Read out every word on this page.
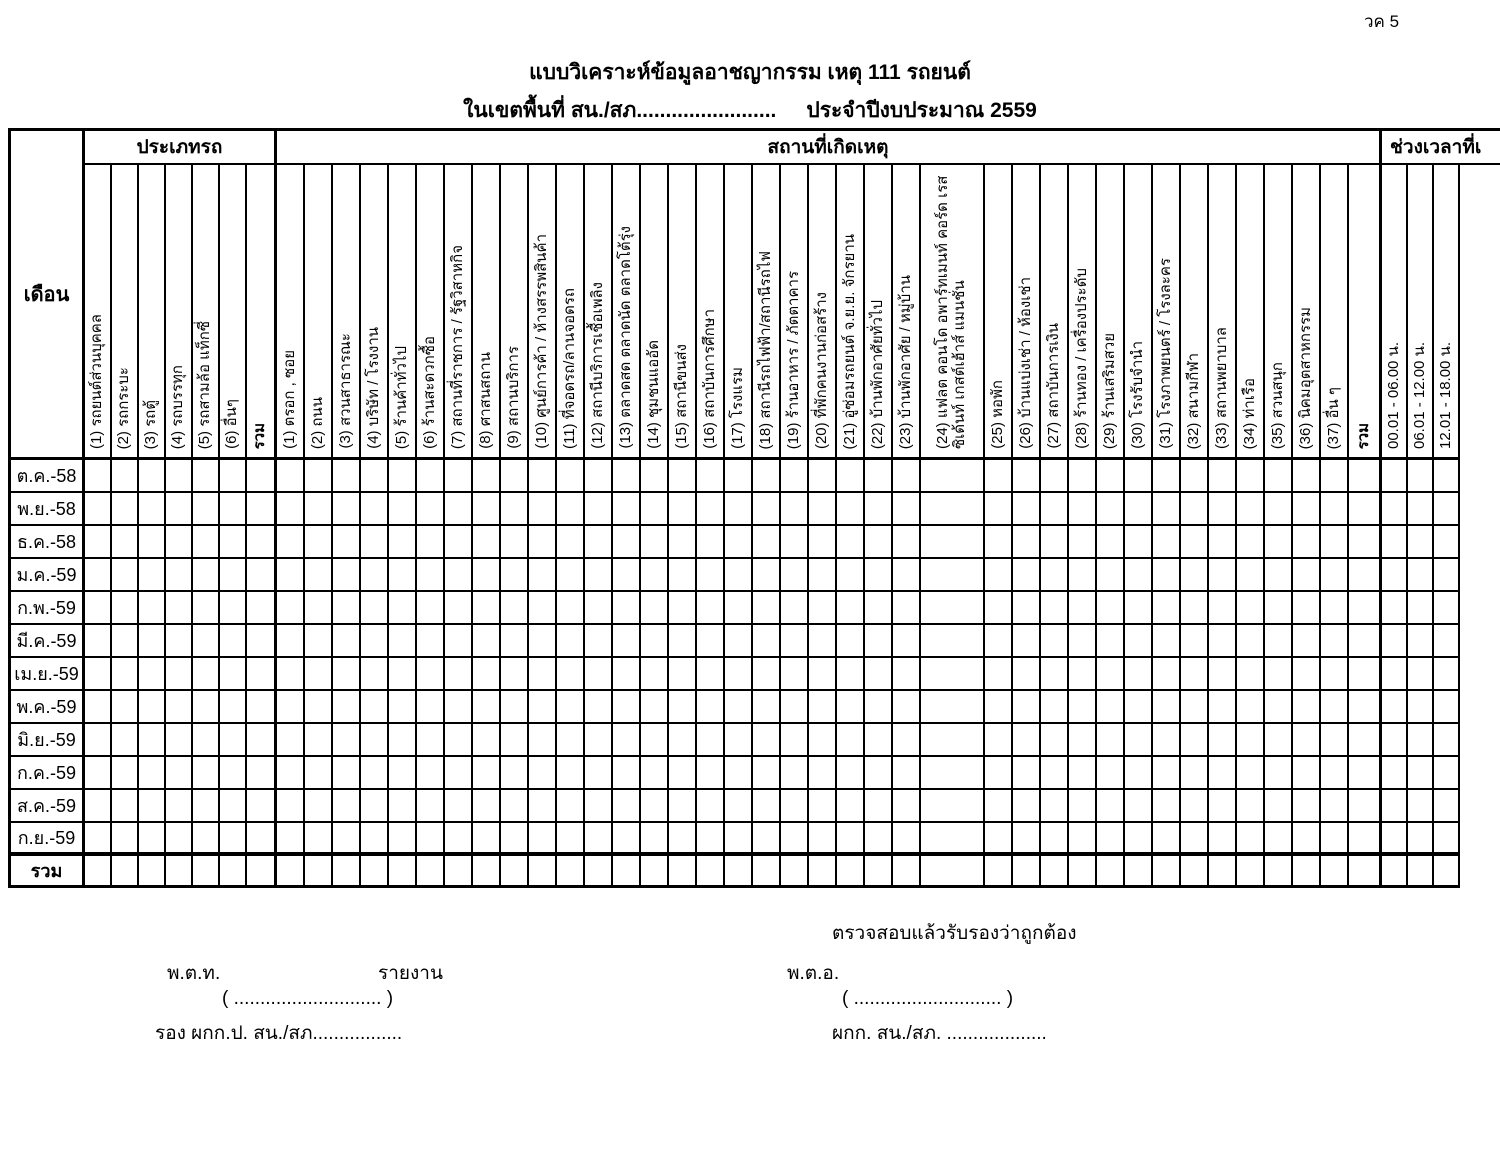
วค 5
แบบวิเคราะห์ข้อมูลอาชญากรรม เหตุ 111 รถยนต์
ในเขตพื้นที่ สน./สภ........................ ประจำปีงบประมาณ 2559
เดือน
ต.ค.-58
พ.ย.-58
ธ.ค.-58
ม.ค.-59
ก.พ.-59
มี.ค.-59
เม.ย.-59
พ.ค.-59
มิ.ย.-59
ก.ค.-59
ส.ค.-59
ก.ย.-59
รวม
ประเภทรถ
(1) รถยนต์ส่วนบุคคล (2) รถกระบะ (3) รถตู้ (4) รถบรรทุก (5) รถสามล้อ แท็กซี่ (6) อื่นๆ รวม
สถานที่เกิดเหตุ
(1) ตรอก , ซอย (2) ถนน (3) สวนสาธารณะ (4) บริษัท / โรงงาน (5) ร้านค้าทั่วไป (6) ร้านสะดวกซื้อ (7) สถานที่ราชการ / รัฐวิสาหกิจ (8) ศาสนสถาน (9) สถานบริการ (10) ศูนย์การค้า / ห้างสรรพสินค้า (11) ที่จอดรถ/ลานจอดรถ (12) สถานีบริการเชื้อเพลิง (13) ตลาดสด ตลาดนัด ตลาดโต้รุ่ง (14) ชุมชนแออัด (15) สถานีขนส่ง (16) สถาบันการศึกษา (17) โรงแรม (18) สถานีรถไฟฟ้า/สถานีรถไฟ (19) ร้านอาหาร / ภัตตาคาร (20) ที่พักคนงานก่อสร้าง (21) อู่ซ่อมรถยนต์ จ.ย.ย. จักรยาน (22) บ้านพักอาศัยทั่วไป (23) บ้านพักอาศัย / หมู่บ้าน (24) แฟลต คอนโด อพาร์ทเมนท์ คอร์ด เรสซิเด้นท์ เกสต์เฮ้าส์ แมนชั่น (25) หอพัก (26) บ้านแบ่งเช่า / ห้องเช่า (27) สถาบันการเงิน (28) ร้านทอง / เครื่องประดับ (29) ร้านเสริมสวย (30) โรงรับจำนำ (31) โรงภาพยนตร์ / โรงละคร (32) สนามกีฬา (33) สถานพยาบาล (34) ท่าเรือ (35) สวนสนุก (36) นิคมอุตสาหกรรม (37) อื่น ๆ รวม
ช่วงเวลาที่เ
00.01 - 06.00 น. 06.01 - 12.00 น. 12.01 - 18.00 น.
ตรวจสอบแล้วรับรองว่าถูกต้อง
พ.ต.ท.	รายงาน
( ............................ )
รอง ผกก.ป. สน./สภ.................
พ.ต.อ.
( ............................ )
ผกก. สน./สภ. ...................
